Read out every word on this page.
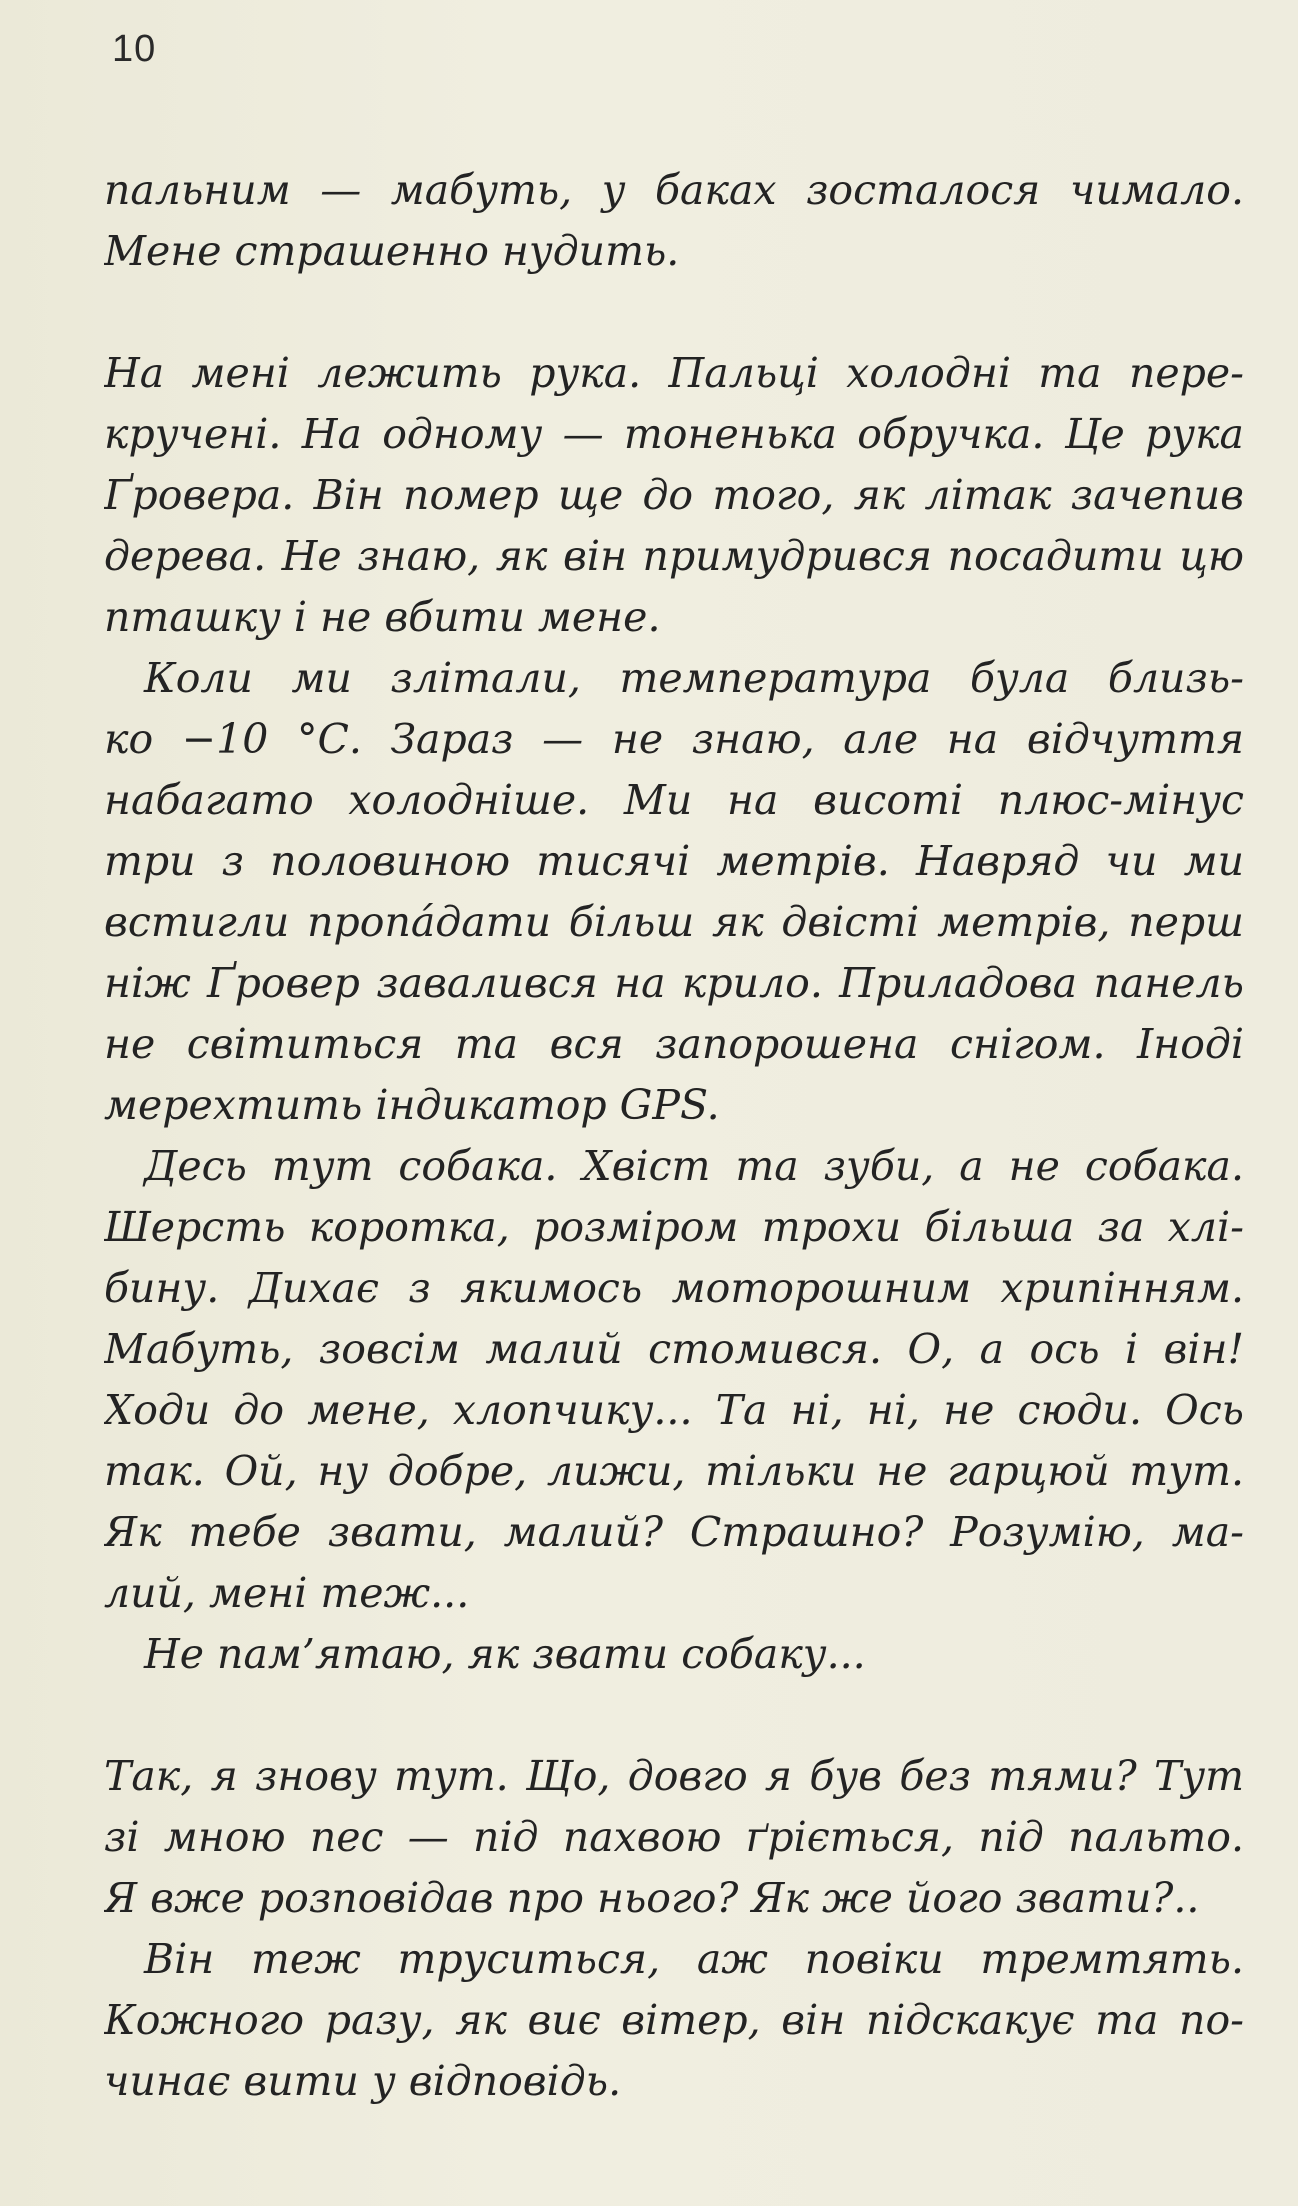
10
пальним — мабуть, у баках зосталося чимало.
Мене страшенно нудить.
На мені лежить рука. Пальці холодні та пере-
кручені. На одному — тоненька обручка. Це рука
Ґровера. Він помер ще до того, як літак зачепив
дерева. Не знаю, як він примудрився посадити цю
пташку і не вбити мене.
Коли ми злітали, температура була близь-
ко −10 °С. Зараз — не знаю, але на відчуття
набагато холодніше. Ми на висоті плюс-мінус
три з половиною тисячі метрів. Навряд чи ми
встигли пропáдати більш як двісті метрів, перш
ніж Ґровер завалився на крило. Приладова панель
не світиться та вся запорошена снігом. Іноді
мерехтить індикатор GPS.
Десь тут собака. Хвіст та зуби, а не собака.
Шерсть коротка, розміром трохи більша за хлі-
бину. Дихає з якимось моторошним хрипінням.
Мабуть, зовсім малий стомився. О, а ось і він!
Ходи до мене, хлопчику... Та ні, ні, не сюди. Ось
так. Ой, ну добре, лижи, тільки не гарцюй тут.
Як тебе звати, малий? Страшно? Розумію, ма-
лий, мені теж...
Не пам’ятаю, як звати собаку...
Так, я знову тут. Що, довго я був без тями? Тут
зі мною пес — під пахвою ґріється, під пальто.
Я вже розповідав про нього? Як же його звати?..
Він теж труситься, аж повіки тремтять.
Кожного разу, як виє вітер, він підскакує та по-
чинає вити у відповідь.
